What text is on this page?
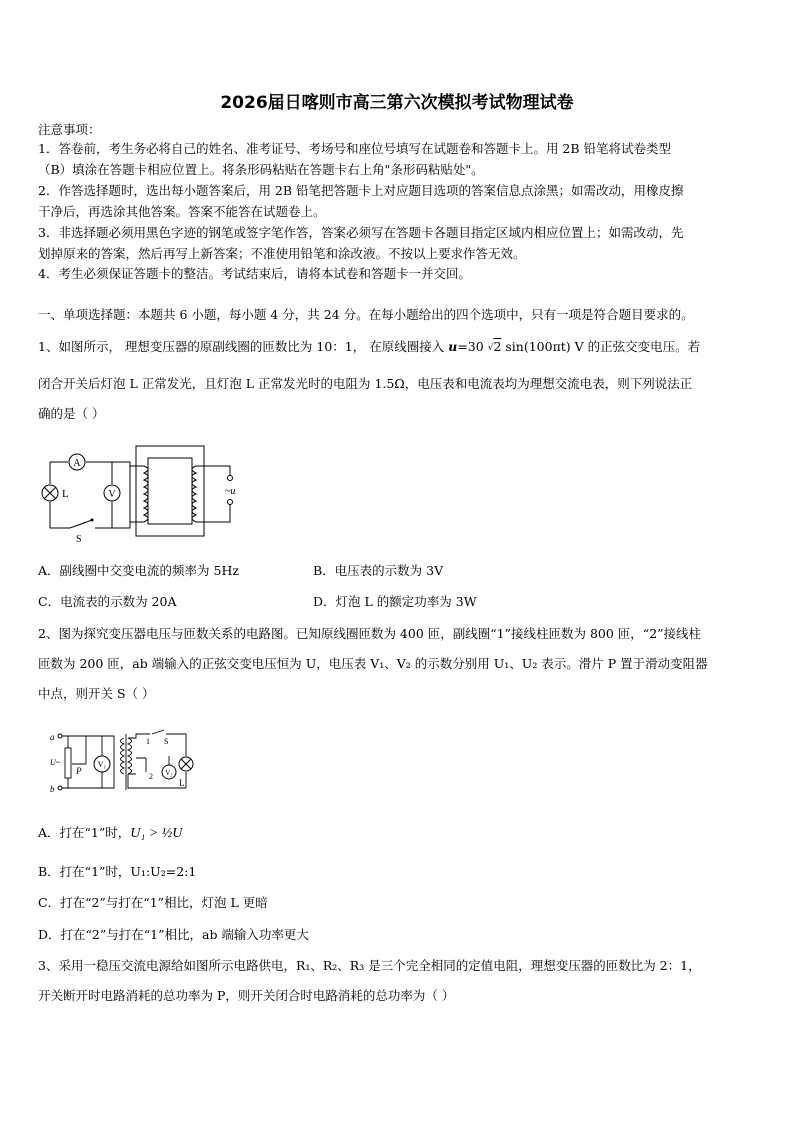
2026届日喀则市高三第六次模拟考试物理试卷
注意事项：
1．答卷前，考生务必将自己的姓名、准考证号、考场号和座位号填写在试题卷和答题卡上。用 2B 铅笔将试卷类型
（B）填涂在答题卡相应位置上。将条形码粘贴在答题卡右上角"条形码粘贴处"。
2．作答选择题时，选出每小题答案后，用 2B 铅笔把答题卡上对应题目选项的答案信息点涂黑；如需改动，用橡皮擦
干净后，再选涂其他答案。答案不能答在试题卷上。
3．非选择题必须用黑色字迹的钢笔或签字笔作答，答案必须写在答题卡各题目指定区域内相应位置上；如需改动，先
划掉原来的答案，然后再写上新答案；不准使用铅笔和涂改液。不按以上要求作答无效。
4．考生必须保证答题卡的整洁。考试结束后，请将本试卷和答题卡一并交回。
一、单项选择题：本题共 6 小题，每小题 4 分，共 24 分。在每小题给出的四个选项中，只有一项是符合题目要求的。
1、如图所示， 理想变压器的原副线圈的匝数比为 10：1， 在原线圈接入 u=30 √2 sin(100πt) V 的正弦交变电压。若
闭合开关后灯泡 L 正常发光，且灯泡 L 正常发光时的电阻为 1.5Ω，电压表和电流表均为理想交流电表，则下列说法正
确的是（ ）
A
V
L
S
~u
A．副线圈中交变电流的频率为 5Hz	B．电压表的示数为 3V
C．电流表的示数为 20A	D．灯泡 L 的额定功率为 3W
2、图为探究变压器电压与匝数关系的电路图。已知原线圈匝数为 400 匝，副线圈“1”接线柱匝数为 800 匝，“2”接线柱
匝数为 200 匝，ab 端输入的正弦交变电压恒为 U，电压表 V₁、V₂ 的示数分别用 U₁、U₂ 表示。滑片 P 置于滑动变阻器
中点，则开关 S（ ）
a
b
U~
P
V₁
1
2
S
V₂
L
A．打在“1”时，U₁ > ½U
B．打在“1”时，U₁:U₂=2:1
C．打在“2”与打在“1”相比，灯泡 L 更暗
D．打在“2”与打在“1”相比，ab 端输入功率更大
3、采用一稳压交流电源给如图所示电路供电，R₁、R₂、R₃ 是三个完全相同的定值电阻，理想变压器的匝数比为 2：1，
开关断开时电路消耗的总功率为 P，则开关闭合时电路消耗的总功率为（ ）
